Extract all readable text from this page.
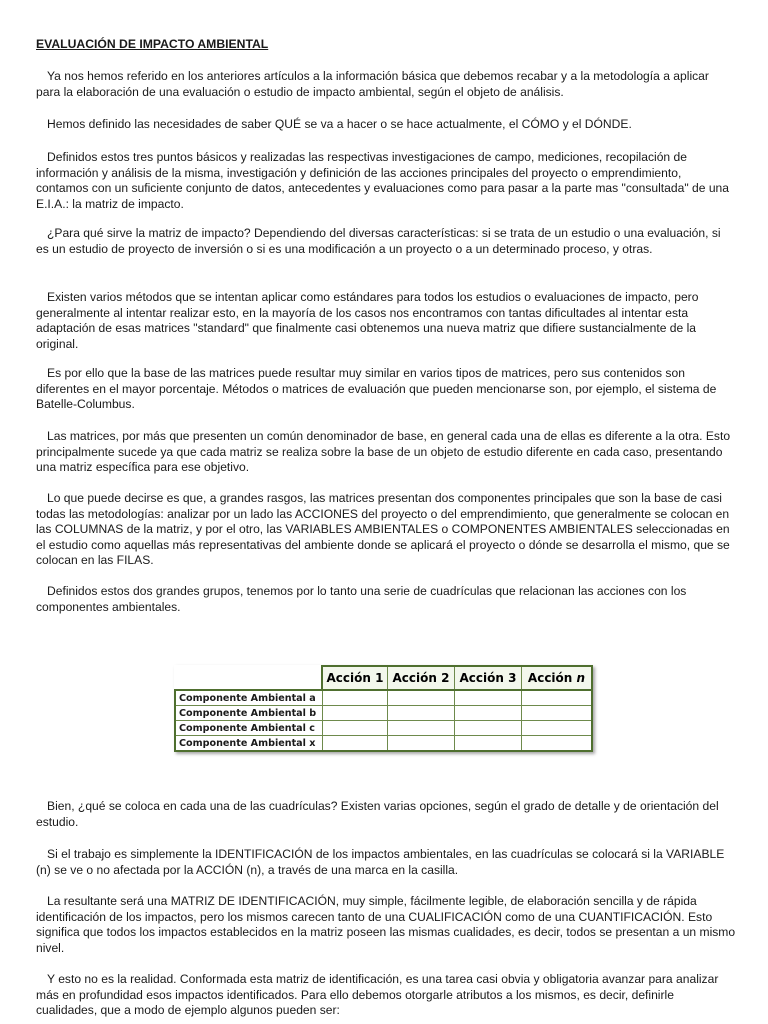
EVALUACIÓN DE IMPACTO AMBIENTAL

Ya nos hemos referido en los anteriores artículos a la información básica que debemos recabar y a la metodología a aplicar para la elaboración de una evaluación o estudio de impacto ambiental, según el objeto de análisis.

Hemos definido las necesidades de saber QUÉ se va a hacer o se hace actualmente, el CÓMO y el DÓNDE.

Definidos estos tres puntos básicos y realizadas las respectivas investigaciones de campo, mediciones, recopilación de información y análisis de la misma, investigación y definición de las acciones principales del proyecto o emprendimiento, contamos con un suficiente conjunto de datos, antecedentes y evaluaciones como para pasar a la parte mas "consultada" de una E.I.A.: la matriz de impacto.

¿Para qué sirve la matriz de impacto? Dependiendo del diversas características: si se trata de un estudio o una evaluación, si es un estudio de proyecto de inversión o si es una modificación a un proyecto o a un determinado proceso, y otras.

Existen varios métodos que se intentan aplicar como estándares para todos los estudios o evaluaciones de impacto, pero generalmente al intentar realizar esto, en la mayoría de los casos nos encontramos con tantas dificultades al intentar esta adaptación de esas matrices "standard" que finalmente casi obtenemos una nueva matriz que difiere sustancialmente de la original.

Es por ello que la base de las matrices puede resultar muy similar en varios tipos de matrices, pero sus contenidos son diferentes en el mayor porcentaje. Métodos o matrices de evaluación que pueden mencionarse son, por ejemplo, el sistema de Batelle-Columbus.

Las matrices, por más que presenten un común denominador de base, en general cada una de ellas es diferente a la otra. Esto principalmente sucede ya que cada matriz se realiza sobre la base de un objeto de estudio diferente en cada caso, presentando una matriz específica para ese objetivo.

Lo que puede decirse es que, a grandes rasgos, las matrices presentan dos componentes principales que son la base de casi todas las metodologías: analizar por un lado las ACCIONES del proyecto o del emprendimiento, que generalmente se colocan en las COLUMNAS de la matriz, y por el otro, las VARIABLES AMBIENTALES o COMPONENTES AMBIENTALES seleccionadas en el estudio como aquellas más representativas del ambiente donde se aplicará el proyecto o dónde se desarrolla el mismo, que se colocan en las FILAS.

Definidos estos dos grandes grupos, tenemos por lo tanto una serie de cuadrículas que relacionan las acciones con los componentes ambientales.

	Acción 1	Acción 2	Acción 3	Acción n
Componente Ambiental a				
Componente Ambiental b				
Componente Ambiental c				
Componente Ambiental x				

Bien, ¿qué se coloca en cada una de las cuadrículas? Existen varias opciones, según el grado de detalle y de orientación del estudio.

Si el trabajo es simplemente la IDENTIFICACIÓN de los impactos ambientales, en las cuadrículas se colocará si la VARIABLE (n) se ve o no afectada por la ACCIÓN (n), a través de una marca en la casilla.

La resultante será una MATRIZ DE IDENTIFICACIÓN, muy simple, fácilmente legible, de elaboración sencilla y de rápida identificación de los impactos, pero los mismos carecen tanto de una CUALIFICACIÓN como de una CUANTIFICACIÓN. Esto significa que todos los impactos establecidos en la matriz poseen las mismas cualidades, es decir, todos se presentan a un mismo nivel.

Y esto no es la realidad. Conformada esta matriz de identificación, es una tarea casi obvia y obligatoria avanzar para analizar más en profundidad esos impactos identificados. Para ello debemos otorgarle atributos a los mismos, es decir, definirle cualidades, que a modo de ejemplo algunos pueden ser:
